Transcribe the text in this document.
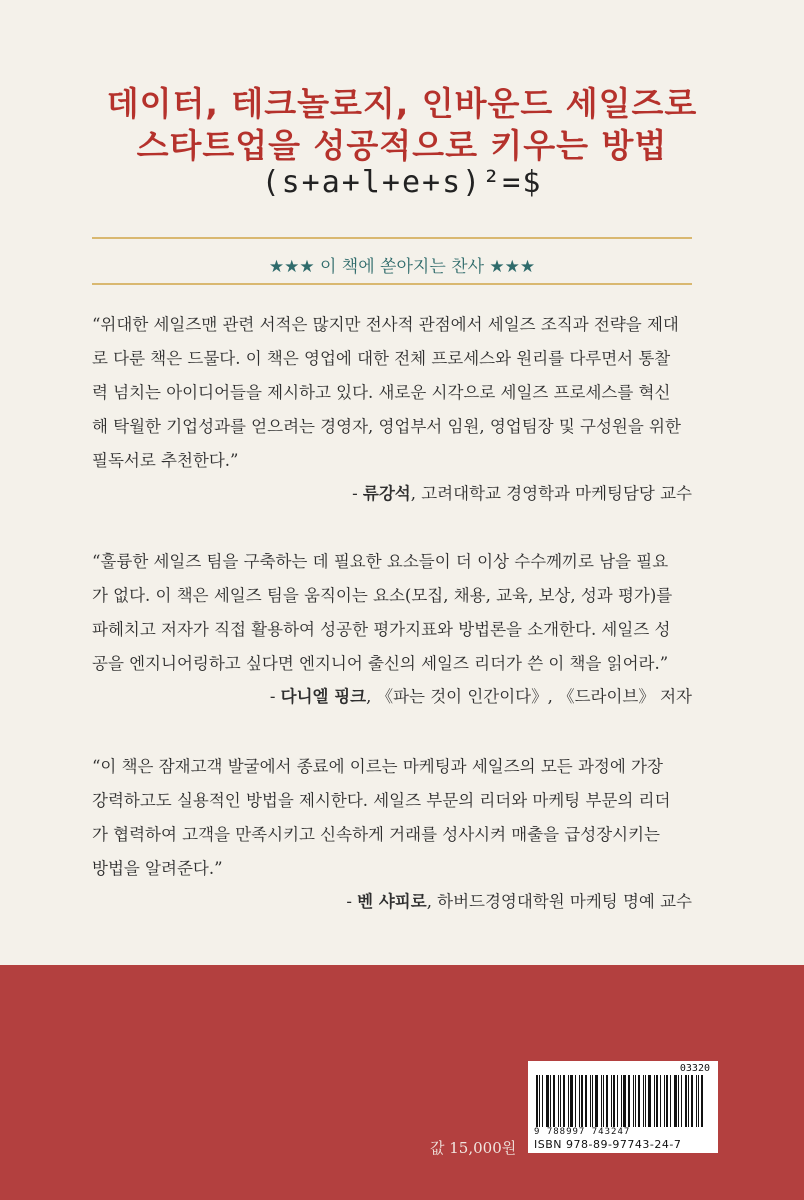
데이터, 테크놀로지, 인바운드 세일즈로
스타트업을 성공적으로 키우는 방법
(s+a+l+e+s)²=$
★★★ 이 책에 쏟아지는 찬사 ★★★

“위대한 세일즈맨 관련 서적은 많지만 전사적 관점에서 세일즈 조직과 전략을 제대

로 다룬 책은 드물다. 이 책은 영업에 대한 전체 프로세스와 원리를 다루면서 통찰

력 넘치는 아이디어들을 제시하고 있다. 새로운 시각으로 세일즈 프로세스를 혁신

해 탁월한 기업성과를 얻으려는 경영자, 영업부서 임원, 영업팀장 및 구성원을 위한

필독서로 추천한다.”

- 류강석, 고려대학교 경영학과 마케팅담당 교수

“훌륭한 세일즈 팀을 구축하는 데 필요한 요소들이 더 이상 수수께끼로 남을 필요

가 없다. 이 책은 세일즈 팀을 움직이는 요소(모집, 채용, 교육, 보상, 성과 평가)를

파헤치고 저자가 직접 활용하여 성공한 평가지표와 방법론을 소개한다. 세일즈 성

공을 엔지니어링하고 싶다면 엔지니어 출신의 세일즈 리더가 쓴 이 책을 읽어라.”

- 다니엘 핑크, 《파는 것이 인간이다》, 《드라이브》 저자

“이 책은 잠재고객 발굴에서 종료에 이르는 마케팅과 세일즈의 모든 과정에 가장

강력하고도 실용적인 방법을 제시한다. 세일즈 부문의 리더와 마케팅 부문의 리더

가 협력하여 고객을 만족시키고 신속하게 거래를 성사시켜 매출을 급성장시키는

방법을 알려준다.”

- 벤 샤피로, 하버드경영대학원 마케팅 명예 교수
값 15,000원
03320
9 788997 743247
ISBN 978-89-97743-24-7
